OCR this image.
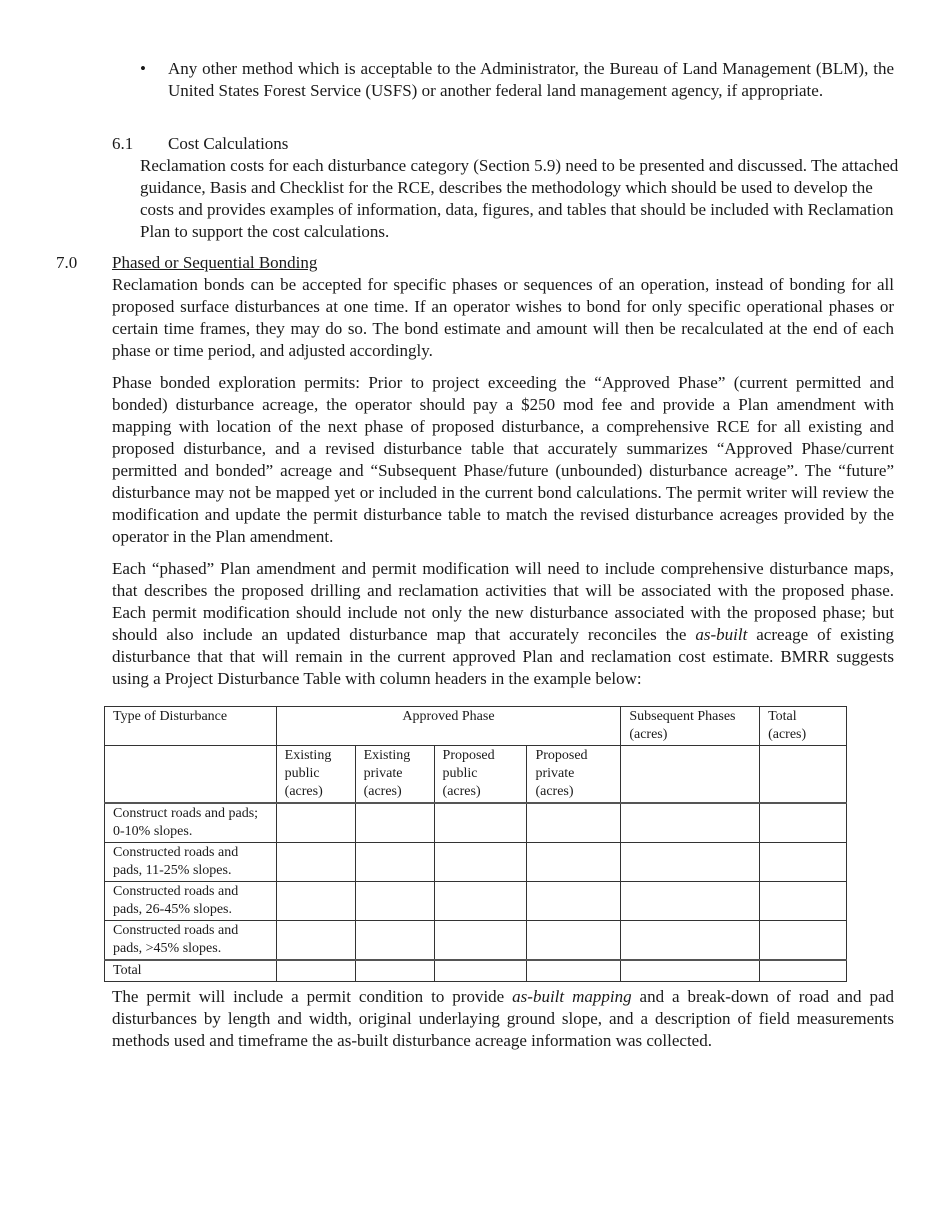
•	Any other method which is acceptable to the Administrator, the Bureau of Land Management (BLM), the United States Forest Service (USFS) or another federal land management agency, if appropriate.
6.1	Cost Calculations
Reclamation costs for each disturbance category (Section 5.9) need to be presented and discussed. The attached guidance, Basis and Checklist for the RCE, describes the methodology which should be used to develop the costs and provides examples of information, data, figures, and tables that should be included with Reclamation Plan to support the cost calculations.
7.0	Phased or Sequential Bonding

Reclamation bonds can be accepted for specific phases or sequences of an operation, instead of bonding for all proposed surface disturbances at one time. If an operator wishes to bond for only specific operational phases or certain time frames, they may do so. The bond estimate and amount will then be recalculated at the end of each phase or time period, and adjusted accordingly.

Phase bonded exploration permits: Prior to project exceeding the “Approved Phase” (current permitted and bonded) disturbance acreage, the operator should pay a $250 mod fee and provide a Plan amendment with mapping with location of the next phase of proposed disturbance, a comprehensive RCE for all existing and proposed disturbance, and a revised disturbance table that accurately summarizes “Approved Phase/current permitted and bonded” acreage and “Subsequent Phase/future (unbounded) disturbance acreage”. The “future” disturbance may not be mapped yet or included in the current bond calculations. The permit writer will review the modification and update the permit disturbance table to match the revised disturbance acreages provided by the operator in the Plan amendment.

Each “phased” Plan amendment and permit modification will need to include comprehensive disturbance maps, that describes the proposed drilling and reclamation activities that will be associated with the proposed phase. Each permit modification should include not only the new disturbance associated with the proposed phase; but should also include an updated disturbance map that accurately reconciles the as-built acreage of existing disturbance that that will remain in the current approved Plan and reclamation cost estimate. BMRR suggests using a Project Disturbance Table with column headers in the example below:

Type of Disturbance	Approved Phase				Subsequent Phases (acres)	Total (acres)
	Existing public (acres)	Existing private (acres)	Proposed public (acres)	Proposed private (acres)		
Construct roads and pads; 0-10% slopes.						
Constructed roads and pads, 11-25% slopes.						
Constructed roads and pads, 26-45% slopes.						
Constructed roads and pads, >45% slopes.						
Total						

The permit will include a permit condition to provide as-built mapping and a break-down of road and pad disturbances by length and width, original underlaying ground slope, and a description of field measurements methods used and timeframe the as-built disturbance acreage information was collected.
